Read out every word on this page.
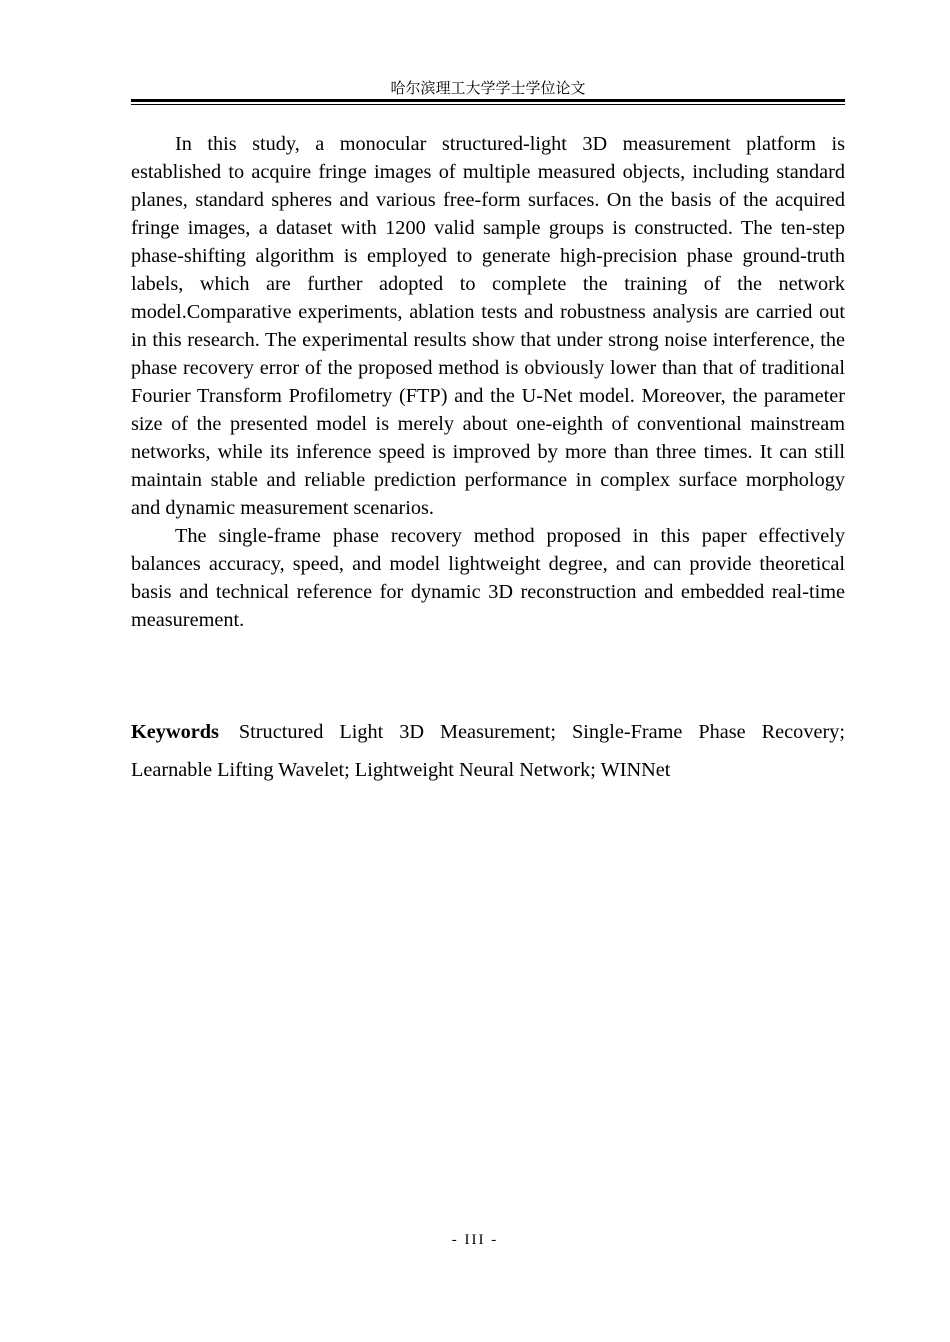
哈尔滨理工大学学士学位论文

In this study, a monocular structured-light 3D measurement platform is established to acquire fringe images of multiple measured objects, including standard planes, standard spheres and various free-form surfaces. On the basis of the acquired fringe images, a dataset with 1200 valid sample groups is constructed. The ten-step phase-shifting algorithm is employed to generate high-precision phase ground-truth labels, which are further adopted to complete the training of the network model.Comparative experiments, ablation tests and robustness analysis are carried out in this research. The experimental results show that under strong noise interference, the phase recovery error of the proposed method is obviously lower than that of traditional Fourier Transform Profilometry (FTP) and the U-Net model. Moreover, the parameter size of the presented model is merely about one-eighth of conventional mainstream networks, while its inference speed is improved by more than three times. It can still maintain stable and reliable prediction performance in complex surface morphology and dynamic measurement scenarios.

The single-frame phase recovery method proposed in this paper effectively balances accuracy, speed, and model lightweight degree, and can provide theoretical basis and technical reference for dynamic 3D reconstruction and embedded real-time measurement.

Keywords Structured Light 3D Measurement; Single-Frame Phase Recovery; Learnable Lifting Wavelet; Lightweight Neural Network; WINNet
- III -
